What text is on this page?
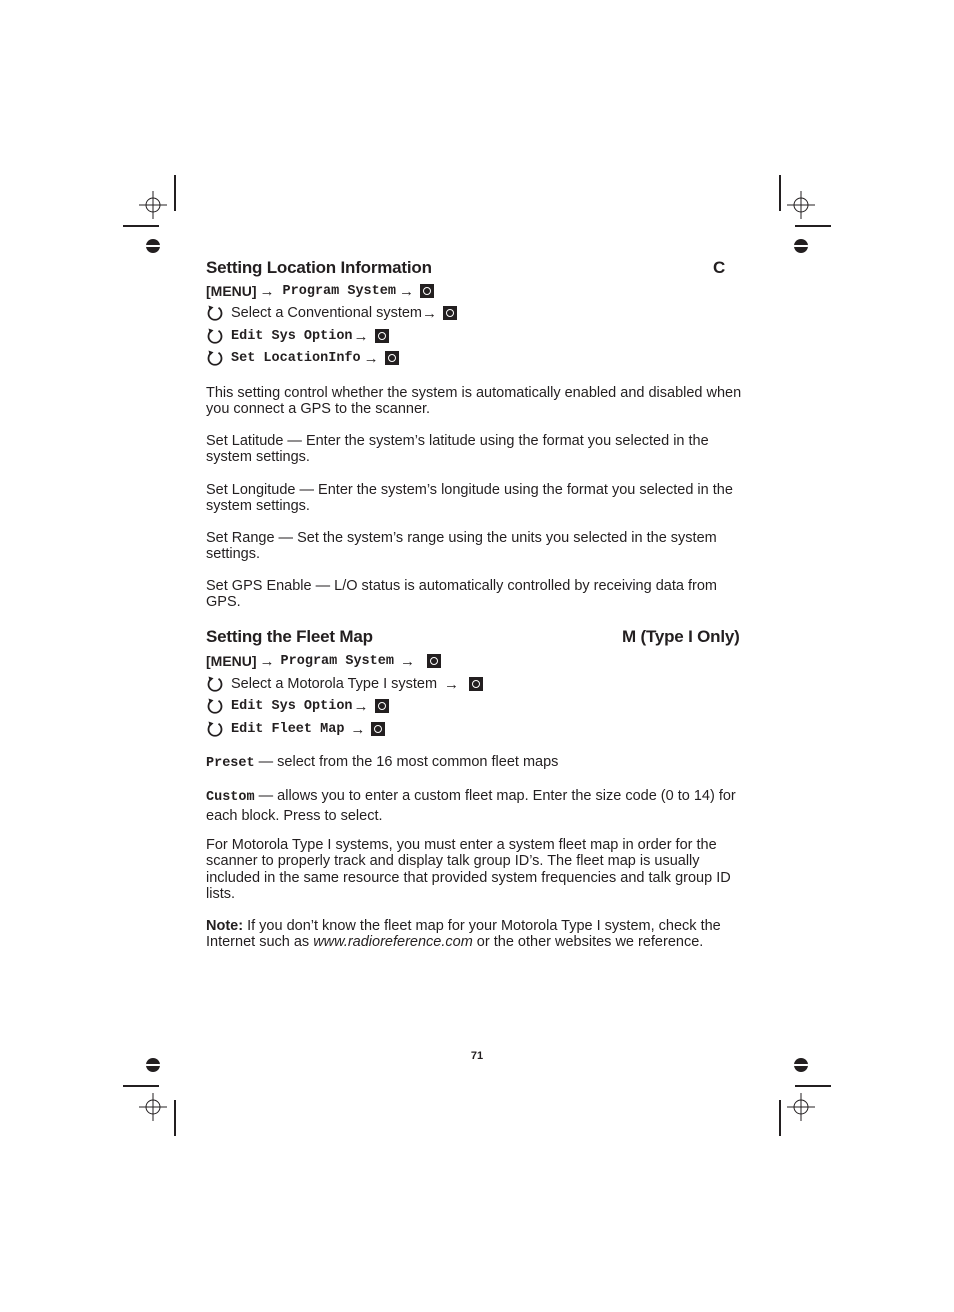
Setting Location Information	C
[MENU] → Program System →
Select a Conventional system →
Edit Sys Option →
Set LocationInfo →

This setting control whether the system is automatically enabled and disabled when you connect a GPS to the scanner.

Set Latitude — Enter the system’s latitude using the format you selected in the system settings.

Set Longitude — Enter the system’s longitude using the format you selected in the system settings.

Set Range — Set the system’s range using the units you selected in the system settings.

Set GPS Enable — L/O status is automatically controlled by receiving data from GPS.

Setting the Fleet Map	M (Type I Only)
[MENU] → Program System →
Select a Motorola Type I system →
Edit Sys Option →
Edit Fleet Map →

Preset — select from the 16 most common fleet maps

Custom — allows you to enter a custom fleet map. Enter the size code (0 to 14) for each block. Press to select.

For Motorola Type I systems, you must enter a system fleet map in order for the scanner to properly track and display talk group ID’s. The fleet map is usually included in the same resource that provided system frequencies and talk group ID lists.

Note: If you don’t know the fleet map for your Motorola Type I system, check the Internet such as www.radioreference.com or the other websites we reference.

71
